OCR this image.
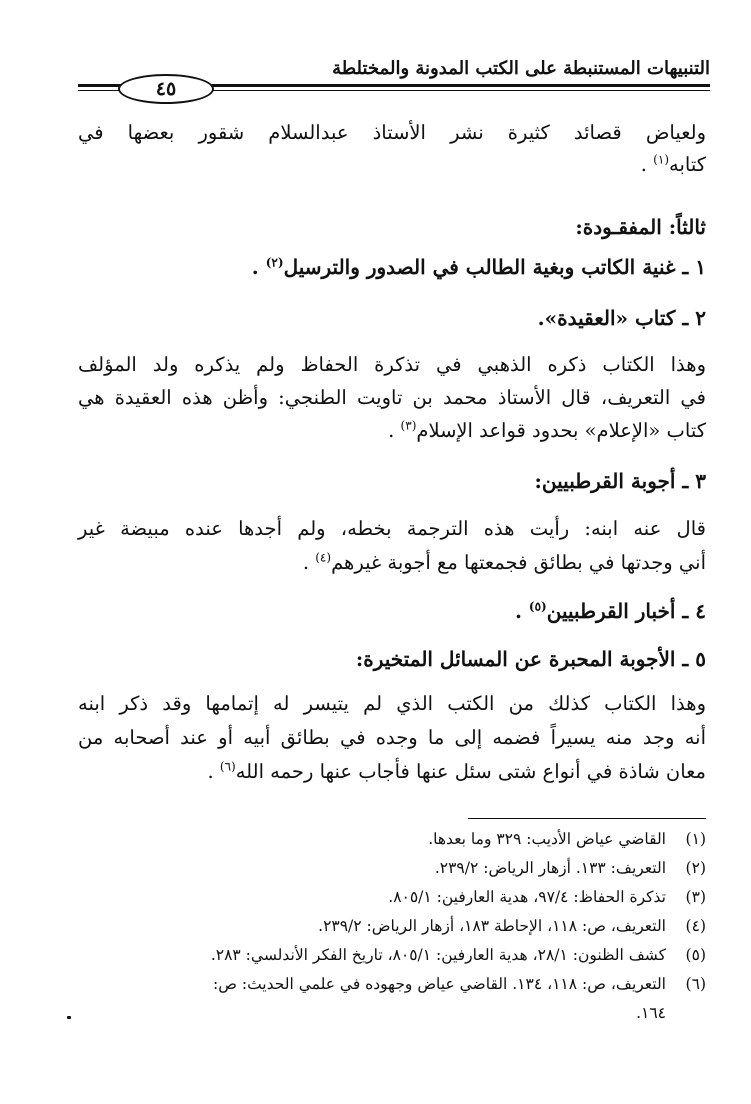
التنبيهات المستنبطة على الكتب المدونة والمختلطة
٤٥
ولعياض قصائد كثيرة نشر الأستاذ عبدالسلام شقور بعضها في
كتابه$^{(١)}$ .
ثالثاً: المفقـودة:
١ ـ غنية الكاتب وبغية الطالب في الصدور والترسيل$^{(٢)}$ .
٢ ـ كتاب «العقيدة».
وهذا الكتاب ذكره الذهبي في تذكرة الحفاظ ولم يذكره ولد المؤلف
في التعريف، قال الأستاذ محمد بن تاويت الطنجي: وأظن هذه العقيدة هي
كتاب «الإعلام» بحدود قواعد الإسلام$^{(٣)}$ .
٣ ـ أجوبة القرطبيين:
قال عنه ابنه: رأيت هذه الترجمة بخطه، ولم أجدها عنده مبيضة غير
أني وجدتها في بطائق فجمعتها مع أجوبة غيرهم$^{(٤)}$ .
٤ ـ أخبار القرطبيين$^{(٥)}$ .
٥ ـ الأجوبة المحبرة عن المسائل المتخيرة:
وهذا الكتاب كذلك من الكتب الذي لم يتيسر له إتمامها وقد ذكر ابنه
أنه وجد منه يسيراً فضمه إلى ما وجده في بطائق أبيه أو عند أصحابه من
معان شاذة في أنواع شتى سئل عنها فأجاب عنها رحمه الله$^{(٦)}$ .
(١)القاضي عياض الأديب: ٣٢٩ وما بعدها.
(٢)التعريف: ١٣٣. أزهار الرياض: ٢٣٩/٢.
(٣)تذكرة الحفاظ: ٩٧/٤، هدية العارفين: ٨٠٥/١.
(٤)التعريف، ص: ١١٨، الإحاطة ١٨٣، أزهار الرياض: ٢٣٩/٢.
(٥)كشف الظنون: ٢٨/١، هدية العارفين: ٨٠٥/١، تاريخ الفكر الأندلسي: ٢٨٣.
(٦)التعريف، ص: ١١٨، ١٣٤. القاضي عياض وجهوده في علمي الحديث: ص:
١٦٤.
